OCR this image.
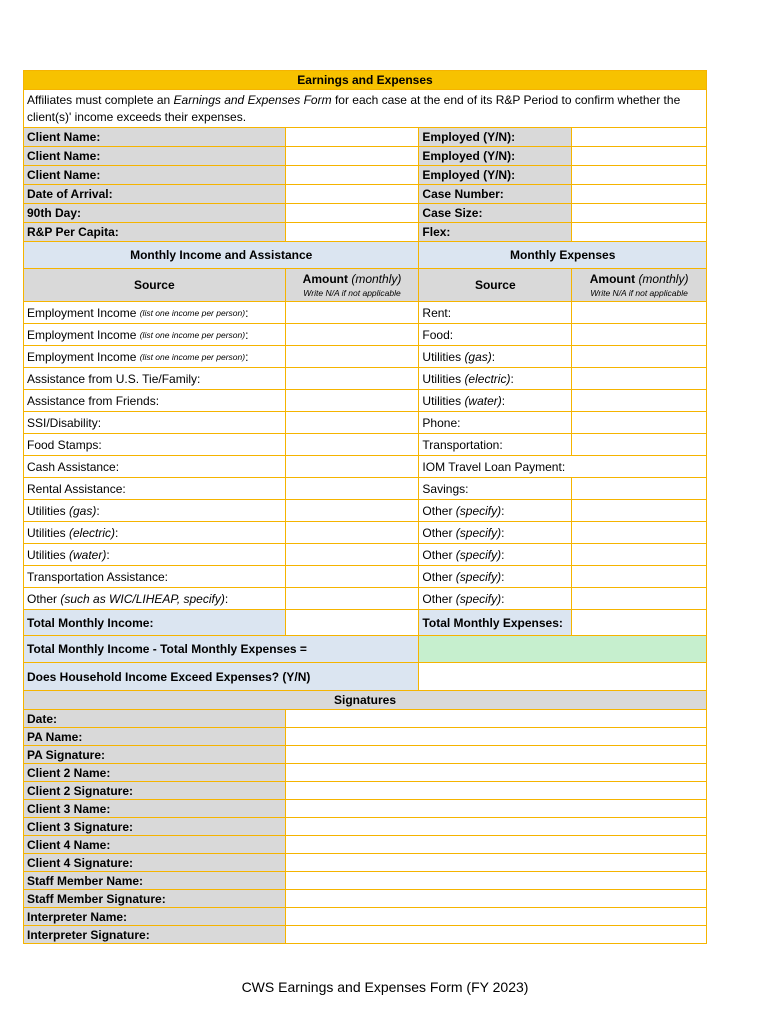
Earnings and Expenses
Affiliates must complete an Earnings and Expenses Form for each case at the end of its R&P Period to confirm whether the client(s)' income exceeds their expenses.
Client Name:	Employed (Y/N):
Client Name:	Employed (Y/N):
Client Name:	Employed (Y/N):
Date of Arrival:	Case Number:
90th Day:	Case Size:
R&P Per Capita:	Flex:
Monthly Income and Assistance	Monthly Expenses
Source	Amount (monthly)
Write N/A if not applicable
Source	Amount (monthly)
Write N/A if not applicable
Employment Income (list one income per person) :	Rent:
Employment Income (list one income per person) :	Food:
Employment Income (list one income per person) :	Utilities (gas) :
Assistance from U.S. Tie/Family:	Utilities (electric) :
Assistance from Friends:	Utilities (water) :
SSI/Disability:	Phone:
Food Stamps:	Transportation:
Cash Assistance:	IOM Travel Loan Payment:
Rental Assistance:	Savings:
Utilities (gas) :	Other (specify) :
Utilities (electric) :	Other (specify) :
Utilities (water) :	Other (specify) :
Transportation Assistance:	Other (specify) :
Other (such as WIC/LIHEAP, specify) :	Other (specify) :
Total Monthly Income:	Total Monthly Expenses:
Total Monthly Income - Total Monthly Expenses =
Does Household Income Exceed Expenses? (Y/N)
Signatures
Date:
PA Name:
PA Signature:
Client 2 Name:
Client 2 Signature:
Client 3 Name:
Client 3 Signature:
Client 4 Name:
Client 4 Signature:
Staff Member Name:
Staff Member Signature:
Interpreter Name:
Interpreter Signature:
CWS Earnings and Expenses Form (FY 2023)
